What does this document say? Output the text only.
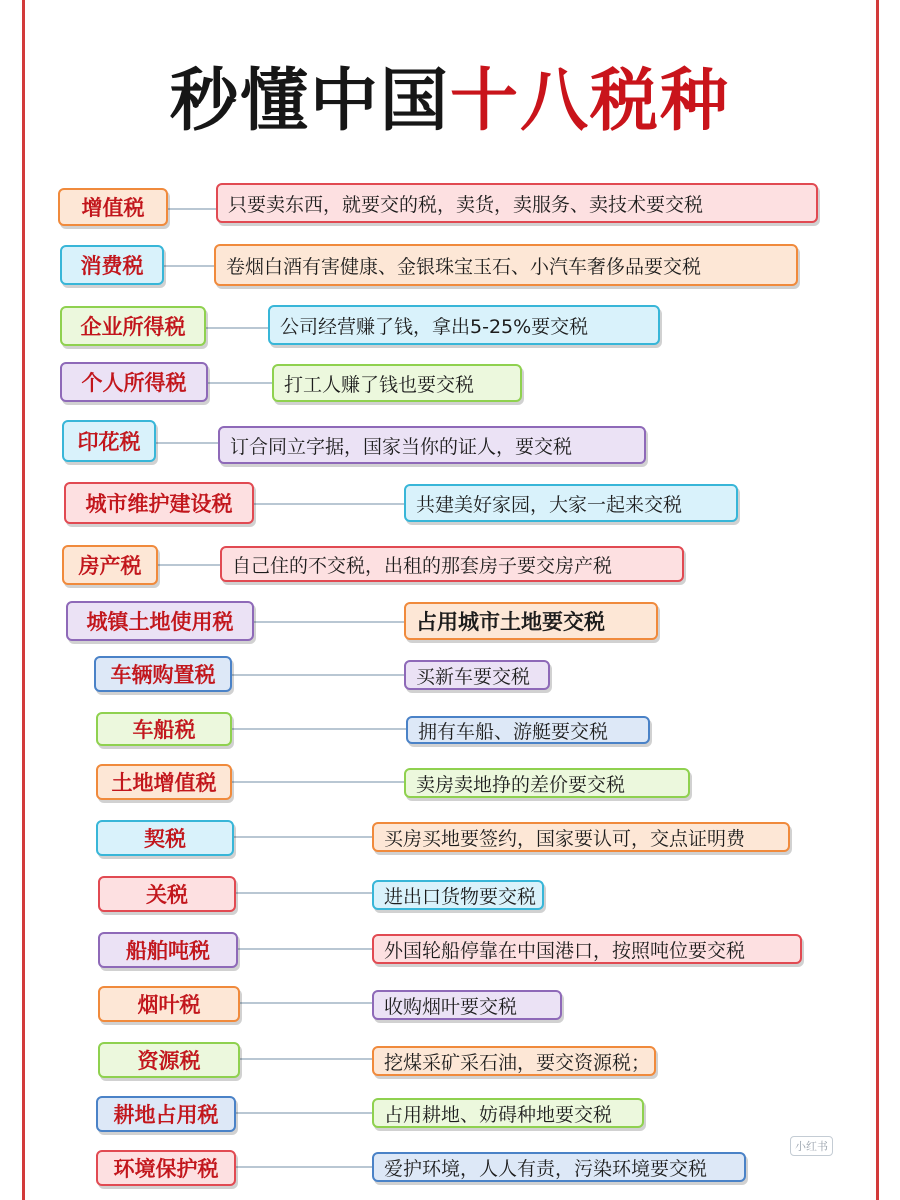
秒懂中国十八税种
增值税	只要卖东西，就要交的税，卖货，卖服务、卖技术要交税
消费税	卷烟白酒有害健康、金银珠宝玉石、小汽车奢侈品要交税
企业所得税	公司经营赚了钱，拿出5-25%要交税
个人所得税	打工人赚了钱也要交税
印花税	订合同立字据，国家当你的证人，要交税
城市维护建设税	共建美好家园，大家一起来交税
房产税	自己住的不交税，出租的那套房子要交房产税
城镇土地使用税	占用城市土地要交税
车辆购置税	买新车要交税
车船税	拥有车船、游艇要交税
土地增值税	卖房卖地挣的差价要交税
契税	买房买地要签约，国家要认可，交点证明费
关税	进出口货物要交税
船舶吨税	外国轮船停靠在中国港口，按照吨位要交税
烟叶税	收购烟叶要交税
资源税	挖煤采矿采石油，要交资源税；
耕地占用税	占用耕地、妨碍种地要交税
环境保护税	爱护环境，人人有责，污染环境要交税
小红书
